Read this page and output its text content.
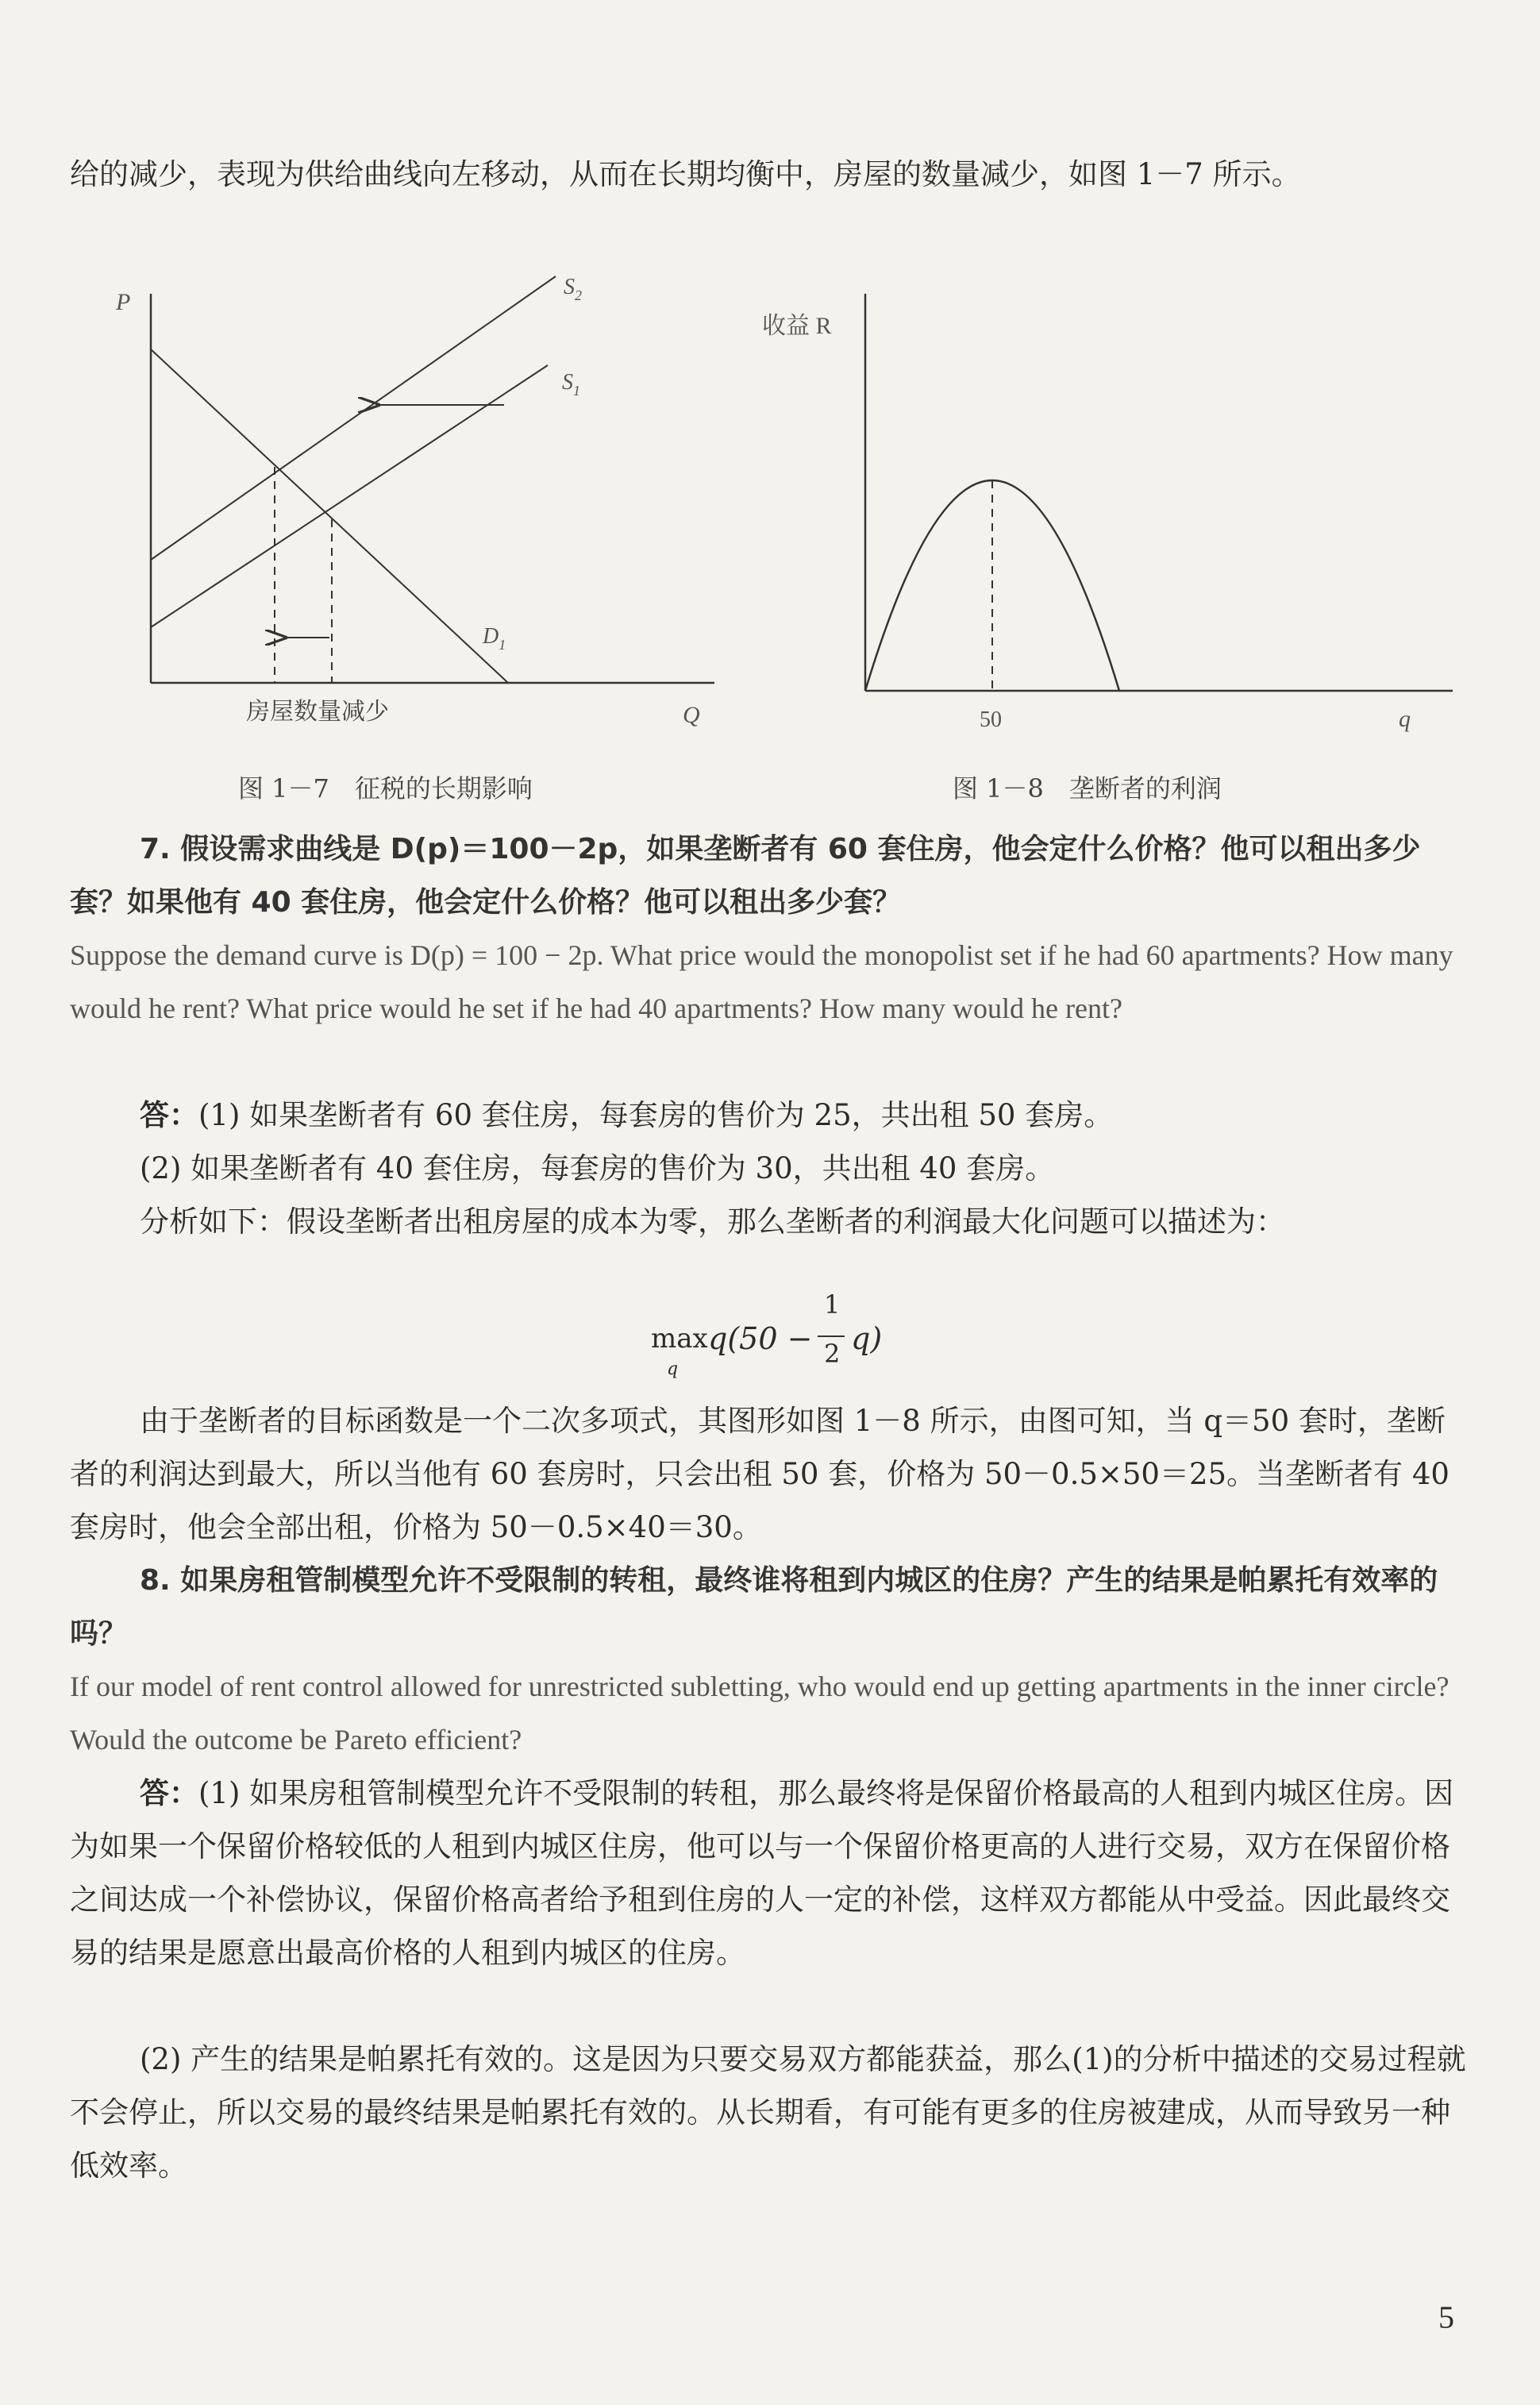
给的减少，表现为供给曲线向左移动，从而在长期均衡中，房屋的数量减少，如图 1－7 所示。

P
Q
$S_2$
$S_1$
$D_1$
房屋数量减少
图 1－7　征税的长期影响
收益 R
q
50
图 1－8　垄断者的利润

7. 假设需求曲线是 D(p)＝100－2p，如果垄断者有 60 套住房，他会定什么价格？他可以租出多少套？如果他有 40 套住房，他会定什么价格？他可以租出多少套？

Suppose the demand curve is D(p) = 100 − 2p. What price would the monopolist set if he had 60 apartments? How many would he rent? What price would he set if he had 40 apartments? How many would he rent?

答：(1) 如果垄断者有 60 套住房，每套房的售价为 25，共出租 50 套房。

(2) 如果垄断者有 40 套住房，每套房的售价为 30，共出租 40 套房。

分析如下：假设垄断者出租房屋的成本为零，那么垄断者的利润最大化问题可以描述为：

max
q
q(50 −
1
2 q)

由于垄断者的目标函数是一个二次多项式，其图形如图 1－8 所示，由图可知，当 q＝50 套时，垄断者的利润达到最大，所以当他有 60 套房时，只会出租 50 套，价格为 50－0.5×50＝25。当垄断者有 40 套房时，他会全部出租，价格为 50－0.5×40＝30。

8. 如果房租管制模型允许不受限制的转租，最终谁将租到内城区的住房？产生的结果是帕累托有效率的吗？

If our model of rent control allowed for unrestricted subletting, who would end up getting apartments in the inner circle? Would the outcome be Pareto efficient?

答：(1) 如果房租管制模型允许不受限制的转租，那么最终将是保留价格最高的人租到内城区住房。因为如果一个保留价格较低的人租到内城区住房，他可以与一个保留价格更高的人进行交易，双方在保留价格之间达成一个补偿协议，保留价格高者给予租到住房的人一定的补偿，这样双方都能从中受益。因此最终交易的结果是愿意出最高价格的人租到内城区的住房。

(2) 产生的结果是帕累托有效的。这是因为只要交易双方都能获益，那么(1)的分析中描述的交易过程就不会停止，所以交易的最终结果是帕累托有效的。从长期看，有可能有更多的住房被建成，从而导致另一种低效率。

5
